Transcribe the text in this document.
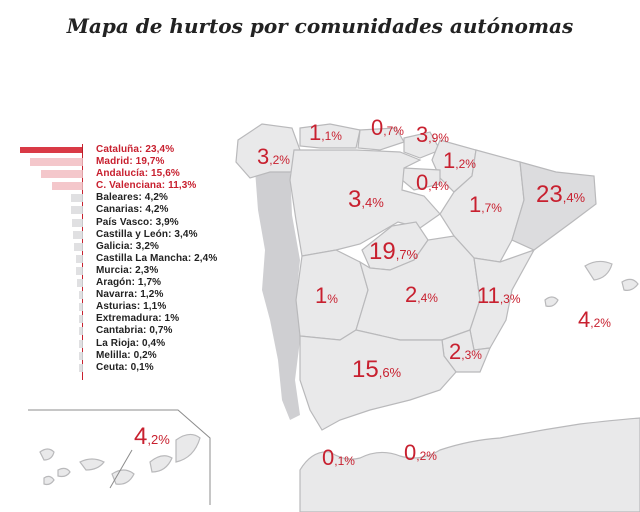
Mapa de hurtos por comunidades autónomas
1,1% 0,7% 3,9%
3,2%	1,2%
0,4%
3,4%	1,7% 23,4%
19,7%
1%	2,4% 11,3%
4,2%
2,3%
15,6%
4,2%
0,1% 0,2%
Cataluña: 23,4%
Madrid: 19,7%
Andalucía: 15,6%
C. Valenciana: 11,3%
Baleares: 4,2%
Canarias: 4,2%
País Vasco: 3,9%
Castilla y León: 3,4%
Galicia: 3,2%
Castilla La Mancha: 2,4%
Murcia: 2,3%
Aragón: 1,7%
Navarra: 1,2%
Asturias: 1,1%
Extremadura: 1%
Cantabria: 0,7%
La Rioja: 0,4%
Melilla: 0,2%
Ceuta: 0,1%
